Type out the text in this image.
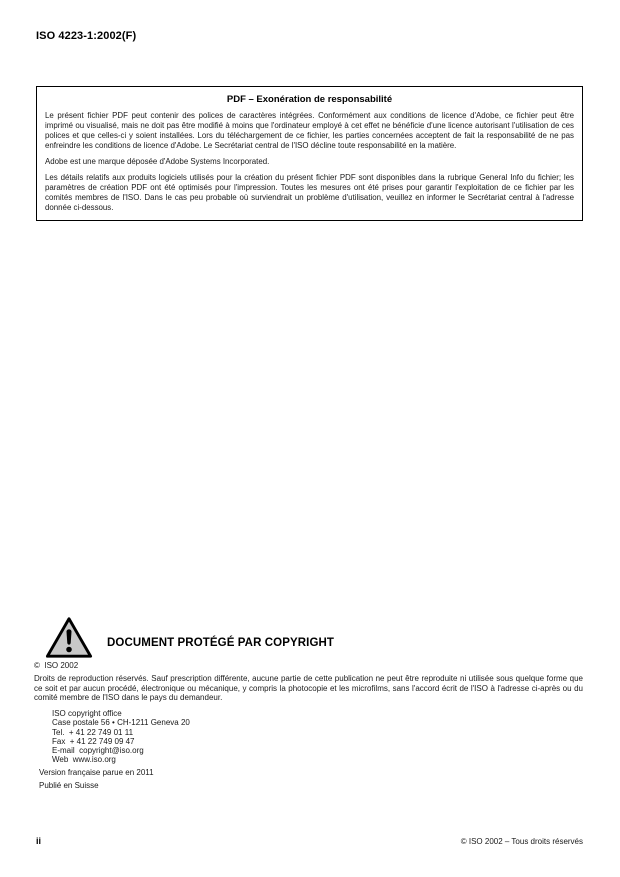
ISO 4223-1:2002(F)
PDF – Exonération de responsabilité

Le présent fichier PDF peut contenir des polices de caractères intégrées. Conformément aux conditions de licence d'Adobe, ce fichier peut être imprimé ou visualisé, mais ne doit pas être modifié à moins que l'ordinateur employé à cet effet ne bénéficie d'une licence autorisant l'utilisation de ces polices et que celles-ci y soient installées. Lors du téléchargement de ce fichier, les parties concernées acceptent de fait la responsabilité de ne pas enfreindre les conditions de licence d'Adobe. Le Secrétariat central de l'ISO décline toute responsabilité en la matière.

Adobe est une marque déposée d'Adobe Systems Incorporated.

Les détails relatifs aux produits logiciels utilisés pour la création du présent fichier PDF sont disponibles dans la rubrique General Info du fichier; les paramètres de création PDF ont été optimisés pour l'impression. Toutes les mesures ont été prises pour garantir l'exploitation de ce fichier par les comités membres de l'ISO. Dans le cas peu probable où surviendrait un problème d'utilisation, veuillez en informer le Secrétariat central à l'adresse donnée ci-dessous.

DOCUMENT PROTÉGÉ PAR COPYRIGHT
©  ISO 2002

Droits de reproduction réservés. Sauf prescription différente, aucune partie de cette publication ne peut être reproduite ni utilisée sous quelque forme que ce soit et par aucun procédé, électronique ou mécanique, y compris la photocopie et les microfilms, sans l'accord écrit de l'ISO à l'adresse ci-après ou du comité membre de l'ISO dans le pays du demandeur.

ISO copyright office
Case postale 56 • CH-1211 Geneva 20
Tel.  + 41 22 749 01 11
Fax  + 41 22 749 09 47
E-mail  copyright@iso.org
Web  www.iso.org
Version française parue en 2011
Publié en Suisse
ii	© ISO 2002 – Tous droits réservés
